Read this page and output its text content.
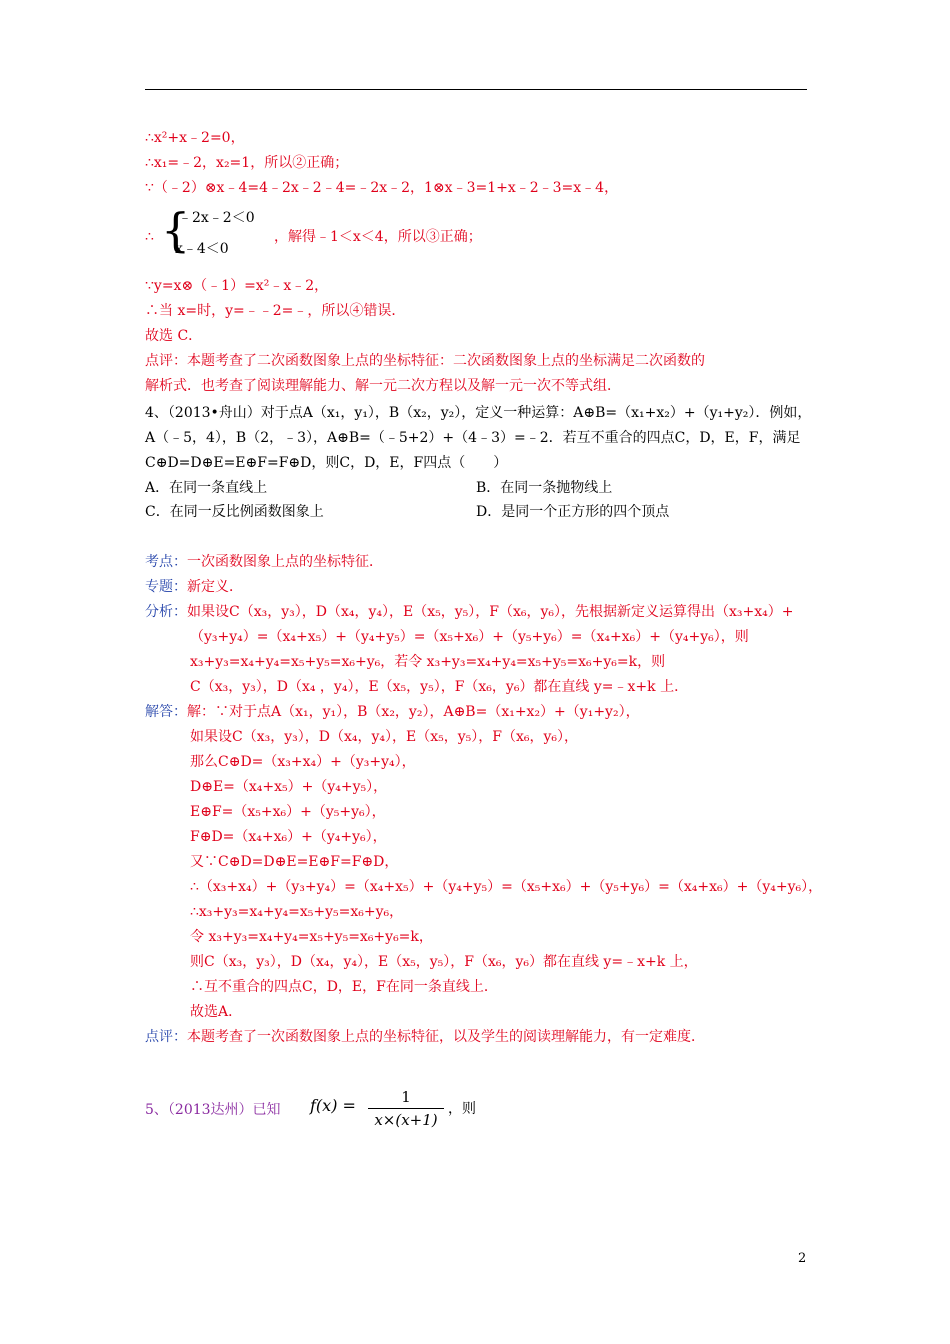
∴x²+x﹣2=0，
∴x₁=﹣2，x₂=1，所以②正确；
∵（﹣2）⊗x﹣4=4﹣2x﹣2﹣4=﹣2x﹣2，1⊗x﹣3=1+x﹣2﹣3=x﹣4，
∴ {
﹣2x﹣2＜0
x﹣4＜0
，解得﹣1＜x＜4，所以③正确；
∵y=x⊗（﹣1）=x²﹣x﹣2，
∴当 x=时，y=﹣﹣2=﹣，所以④错误．
故选 C．
点评：本题考查了二次函数图象上点的坐标特征：二次函数图象上点的坐标满足二次函数的
解析式．也考查了阅读理解能力、解一元二次方程以及解一元一次不等式组．
4、（2013•舟山）对于点A（x₁，y₁），B（x₂，y₂），定义一种运算：A⊕B=（x₁+x₂）+（y₁+y₂）．例如，
A（﹣5，4），B（2，﹣3），A⊕B=（﹣5+2）+（4﹣3）=﹣2．若互不重合的四点C，D，E，F，满足
C⊕D=D⊕E=E⊕F=F⊕D，则C，D，E，F四点（　　）
A．在同一条直线上	B．在同一条抛物线上
C．在同一反比例函数图象上	D．是同一个正方形的四个顶点
考点：一次函数图象上点的坐标特征．
专题：新定义．
分析：如果设C（x₃，y₃），D（x₄，y₄），E（x₅，y₅），F（x₆，y₆），先根据新定义运算得出（x₃+x₄）+
（y₃+y₄）=（x₄+x₅）+（y₄+y₅）=（x₅+x₆）+（y₅+y₆）=（x₄+x₆）+（y₄+y₆），则
x₃+y₃=x₄+y₄=x₅+y₅=x₆+y₆，若令 x₃+y₃=x₄+y₄=x₅+y₅=x₆+y₆=k，则
C（x₃，y₃），D（x₄ ，y₄），E（x₅，y₅），F（x₆，y₆）都在直线 y=﹣x+k 上．
解答：解：∵对于点A（x₁，y₁），B（x₂，y₂），A⊕B=（x₁+x₂）+（y₁+y₂），
如果设C（x₃，y₃），D（x₄，y₄），E（x₅，y₅），F（x₆，y₆），
那么C⊕D=（x₃+x₄）+（y₃+y₄），
D⊕E=（x₄+x₅）+（y₄+y₅），
E⊕F=（x₅+x₆）+（y₅+y₆），
F⊕D=（x₄+x₆）+（y₄+y₆），
又∵C⊕D=D⊕E=E⊕F=F⊕D，
∴（x₃+x₄）+（y₃+y₄）=（x₄+x₅）+（y₄+y₅）=（x₅+x₆）+（y₅+y₆）=（x₄+x₆）+（y₄+y₆），
∴x₃+y₃=x₄+y₄=x₅+y₅=x₆+y₆，
令 x₃+y₃=x₄+y₄=x₅+y₅=x₆+y₆=k，
则C（x₃，y₃），D（x₄，y₄），E（x₅，y₅），F（x₆，y₆）都在直线 y=﹣x+k 上，
∴互不重合的四点C，D，E，F在同一条直线上．
故选A．
点评：本题考查了一次函数图象上点的坐标特征，以及学生的阅读理解能力，有一定难度．
5、（2013达州）已知 $f(x) = \frac{1}{x\times(x+1)}$ ，则
2
